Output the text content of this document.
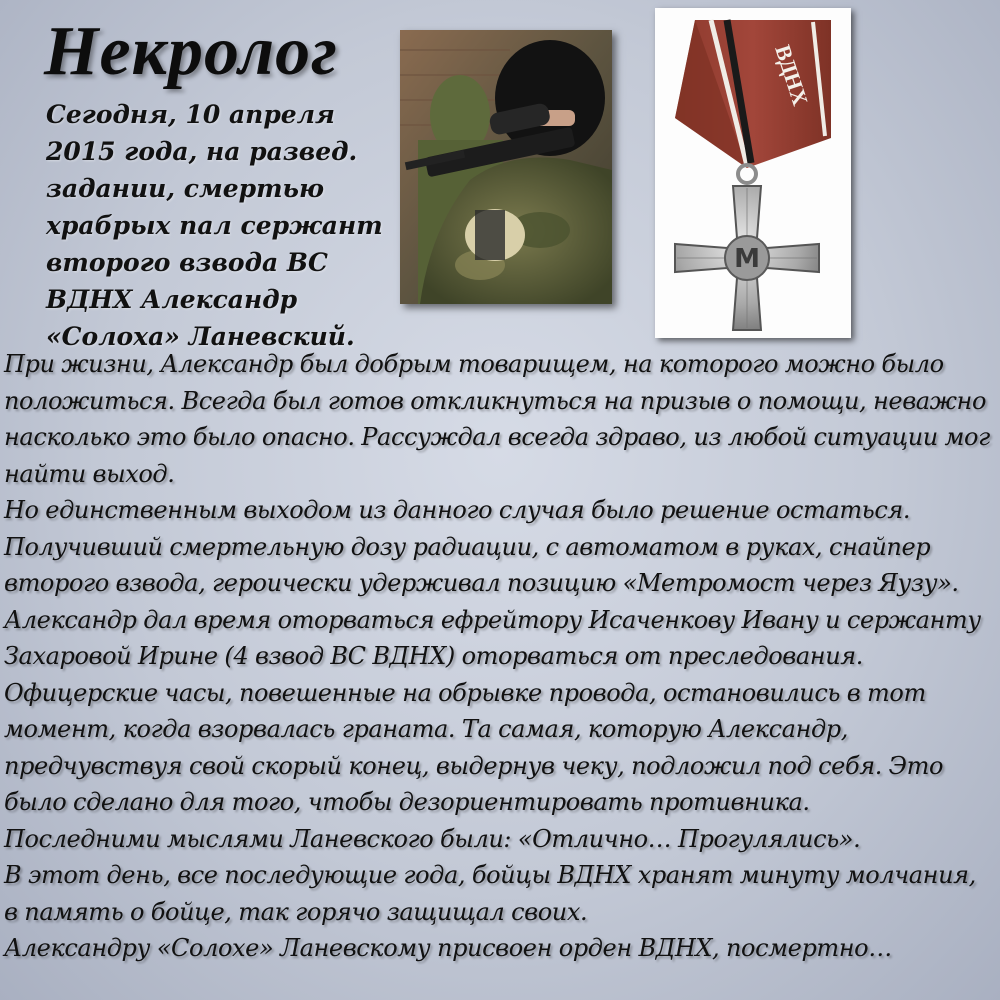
Некролог

Сегодня, 10 апреля 2015 года, на развед. задании, смертью храбрых пал сержант второго взвода ВС ВДНХ Александр «Солоха» Ланевский.

ВДНХ
М

При жизни, Александр был добрым товарищем, на которого можно было положиться. Всегда был готов откликнуться на призыв о помощи, неважно насколько это было опасно. Рассуждал всегда здраво, из любой ситуации мог найти выход.

Но единственным выходом из данного случая было решение остаться.

Получивший смертельную дозу радиации, с автоматом в руках, снайпер второго взвода, героически удерживал позицию «Метромост через Яузу». Александр дал время оторваться ефрейтору Исаченкову Ивану и сержанту Захаровой Ирине (4 взвод ВС ВДНХ) оторваться от преследования.

Офицерские часы, повешенные на обрывке провода, остановились в тот момент, когда взорвалась граната. Та самая, которую Александр, предчувствуя свой скорый конец, выдернув чеку, подложил под себя. Это было сделано для того, чтобы дезориентировать противника.

Последними мыслями Ланевского были: «Отлично… Прогулялись».

В этот день, все последующие года, бойцы ВДНХ хранят минуту молчания, в память о бойце, так горячо защищал своих.

Александру «Солохе» Ланевскому присвоен орден ВДНХ, посмертно…
